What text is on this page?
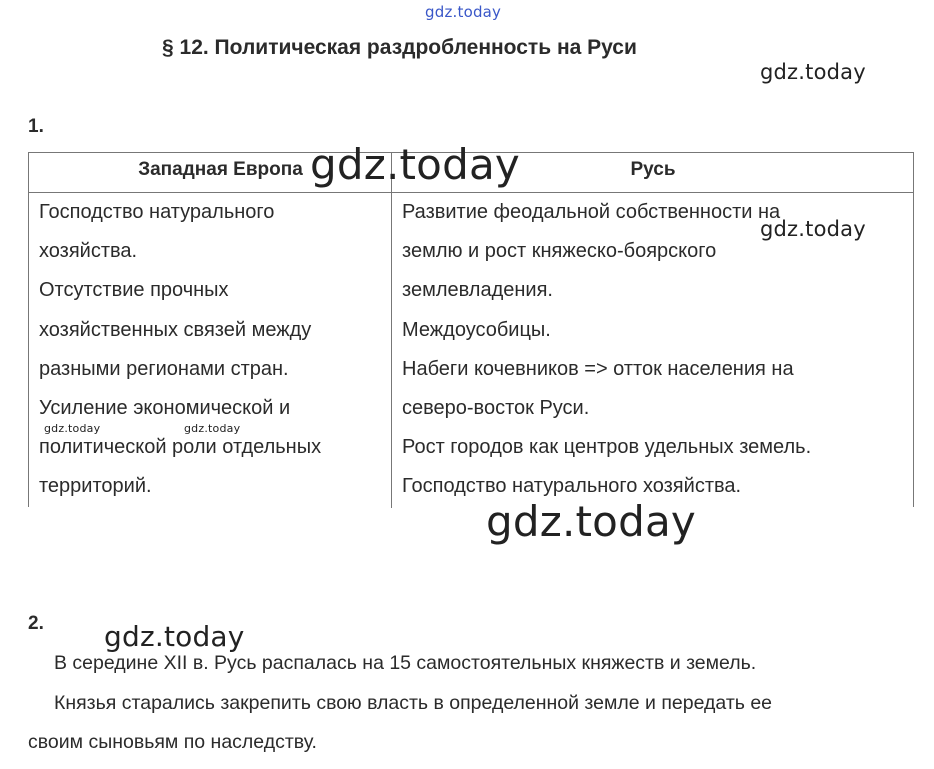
gdz.today
§ 12. Политическая раздробленность на Руси
gdz.today
1.
Западная Европа	Русь
Господство натурального
хозяйства.
Отсутствие прочных
хозяйственных связей между
разными регионами стран.
Усиление экономической и
политической роли отдельных
территорий.
Развитие феодальной собственности на
землю и рост княжеско-боярского
землевладения.
Междоусобицы.
Набеги кочевников => отток населения на
северо-восток Руси.
Рост городов как центров удельных земель.
Господство натурального хозяйства.
gdz.today
gdz.today
gdz.today	gdz.today
gdz.today
2. gdz.today
В середине XII в. Русь распалась на 15 самостоятельных княжеств и земель.
Князья старались закрепить свою власть в определенной земле и передать ее
своим сыновьям по наследству.
